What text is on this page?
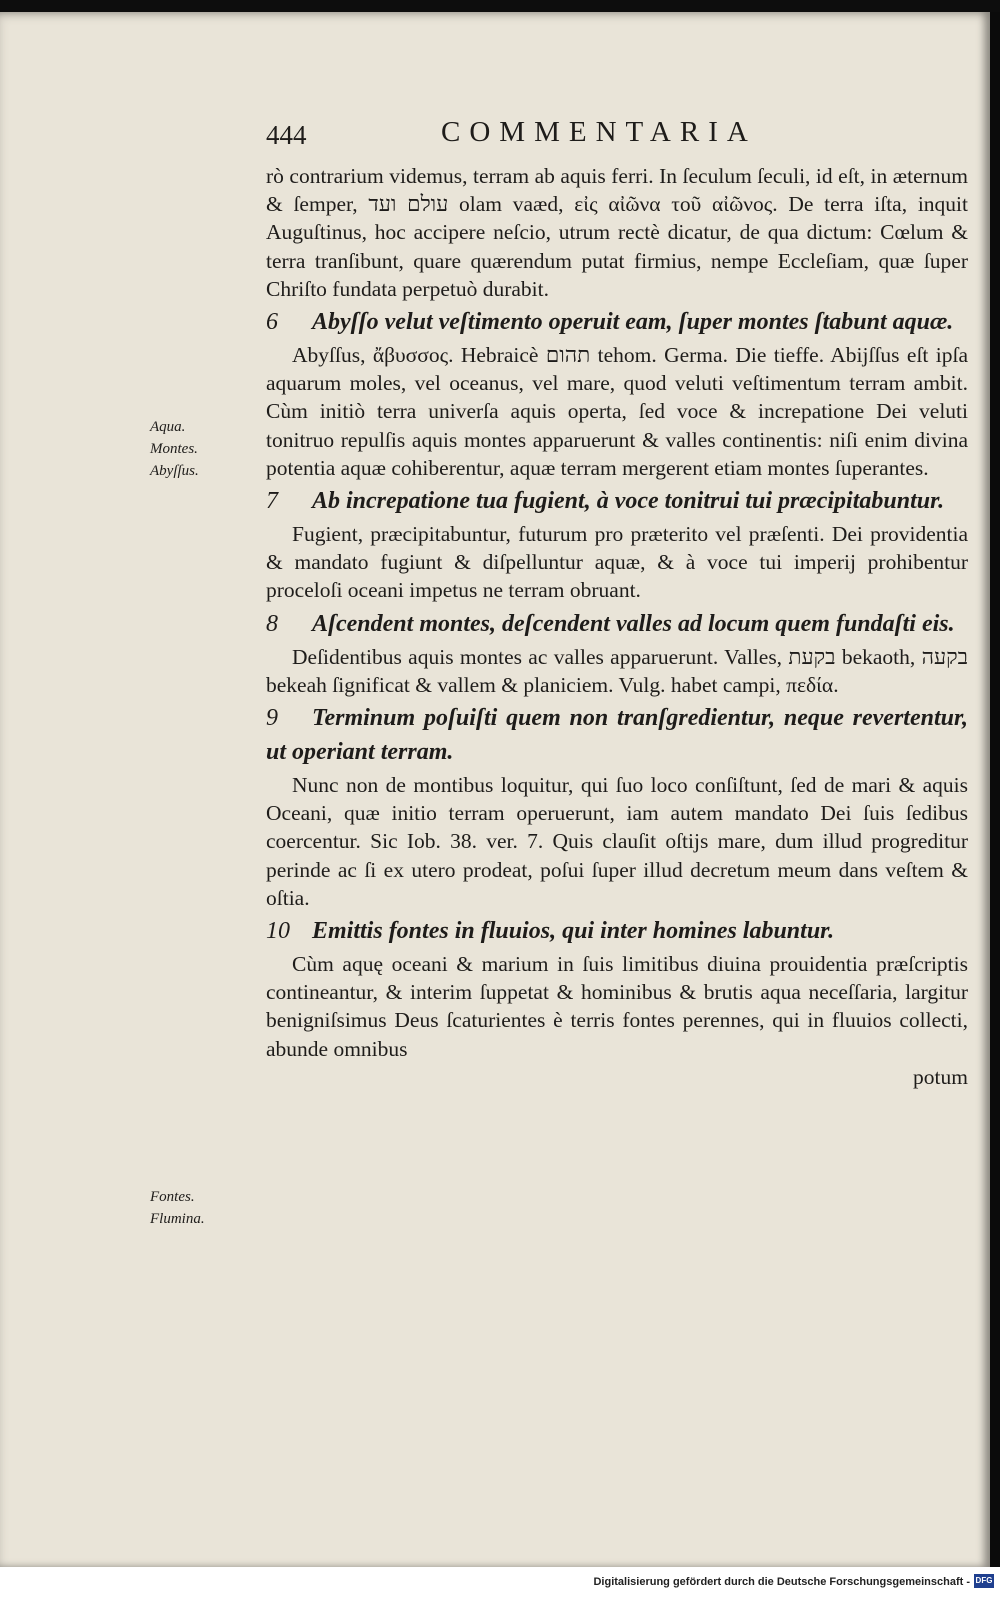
444	COMMENTARIA
Aqua.
Montes.
Abyſſus.
Fontes.
Flumina.

rò contrarium videmus, terram ab aquis ferri. In ſeculum ſeculi, id eſt, in æternum & ſemper, עולם ועד olam vaæd, εἰς αἰῶνα τοῦ αἰῶνος. De terra iſta, inquit Auguſtinus, hoc accipere neſcio, utrum rectè dicatur, de qua dictum: Cœlum & terra tranſibunt, quare quærendum putat firmius, nempe Eccleſiam, quæ ſuper Chriſto fundata perpetuò durabit.

6 Abyſſo velut veſtimento operuit eam, ſuper montes ſtabunt aquæ.

Abyſſus, ἄβυσσος. Hebraicè תהום tehom. Germa. Die tieffe. Abijſſus eſt ipſa aquarum moles, vel oceanus, vel mare, quod veluti veſtimentum terram ambit. Cùm initiò terra univerſa aquis operta, ſed voce & increpatione Dei veluti tonitruo repulſis aquis montes apparuerunt & valles continentis: niſi enim divina potentia aquæ cohiberentur, aquæ terram mergerent etiam montes ſuperantes.

7 Ab increpatione tua fugient, à voce tonitrui tui præcipitabuntur.

Fugient, præcipitabuntur, futurum pro præterito vel præſenti. Dei providentia & mandato fugiunt & diſpelluntur aquæ, & à voce tui imperij prohibentur proceloſi oceani impetus ne terram obruant.

8 Aſcendent montes, deſcendent valles ad locum quem fundaſti eis.

Deſidentibus aquis montes ac valles apparuerunt. Valles, בקעת bekaoth, בקעה bekeah ſignificat & vallem & planiciem. Vulg. habet campi, πεδία.

9 Terminum poſuiſti quem non tranſgredientur, neque revertentur, ut operiant terram.

Nunc non de montibus loquitur, qui ſuo loco conſiſtunt, ſed de mari & aquis Oceani, quæ initio terram operuerunt, iam autem mandato Dei ſuis ſedibus coercentur. Sic Iob. 38. ver. 7. Quis clauſit oſtijs mare, dum illud progreditur perinde ac ſi ex utero prodeat, poſui ſuper illud decretum meum dans veſtem & oſtia.

10 Emittis fontes in fluuios, qui inter homines labuntur.

Cùm aquę oceani & marium in ſuis limitibus diuina prouidentia præſcriptis contineantur, & interim ſuppetat & hominibus & brutis aqua neceſſaria, largitur benigniſsimus Deus ſcaturientes è terris fontes perennes, qui in fluuios collecti, abunde omnibus

potum

Digitalisierung gefördert durch die Deutsche Forschungsgemeinschaft - DFG
